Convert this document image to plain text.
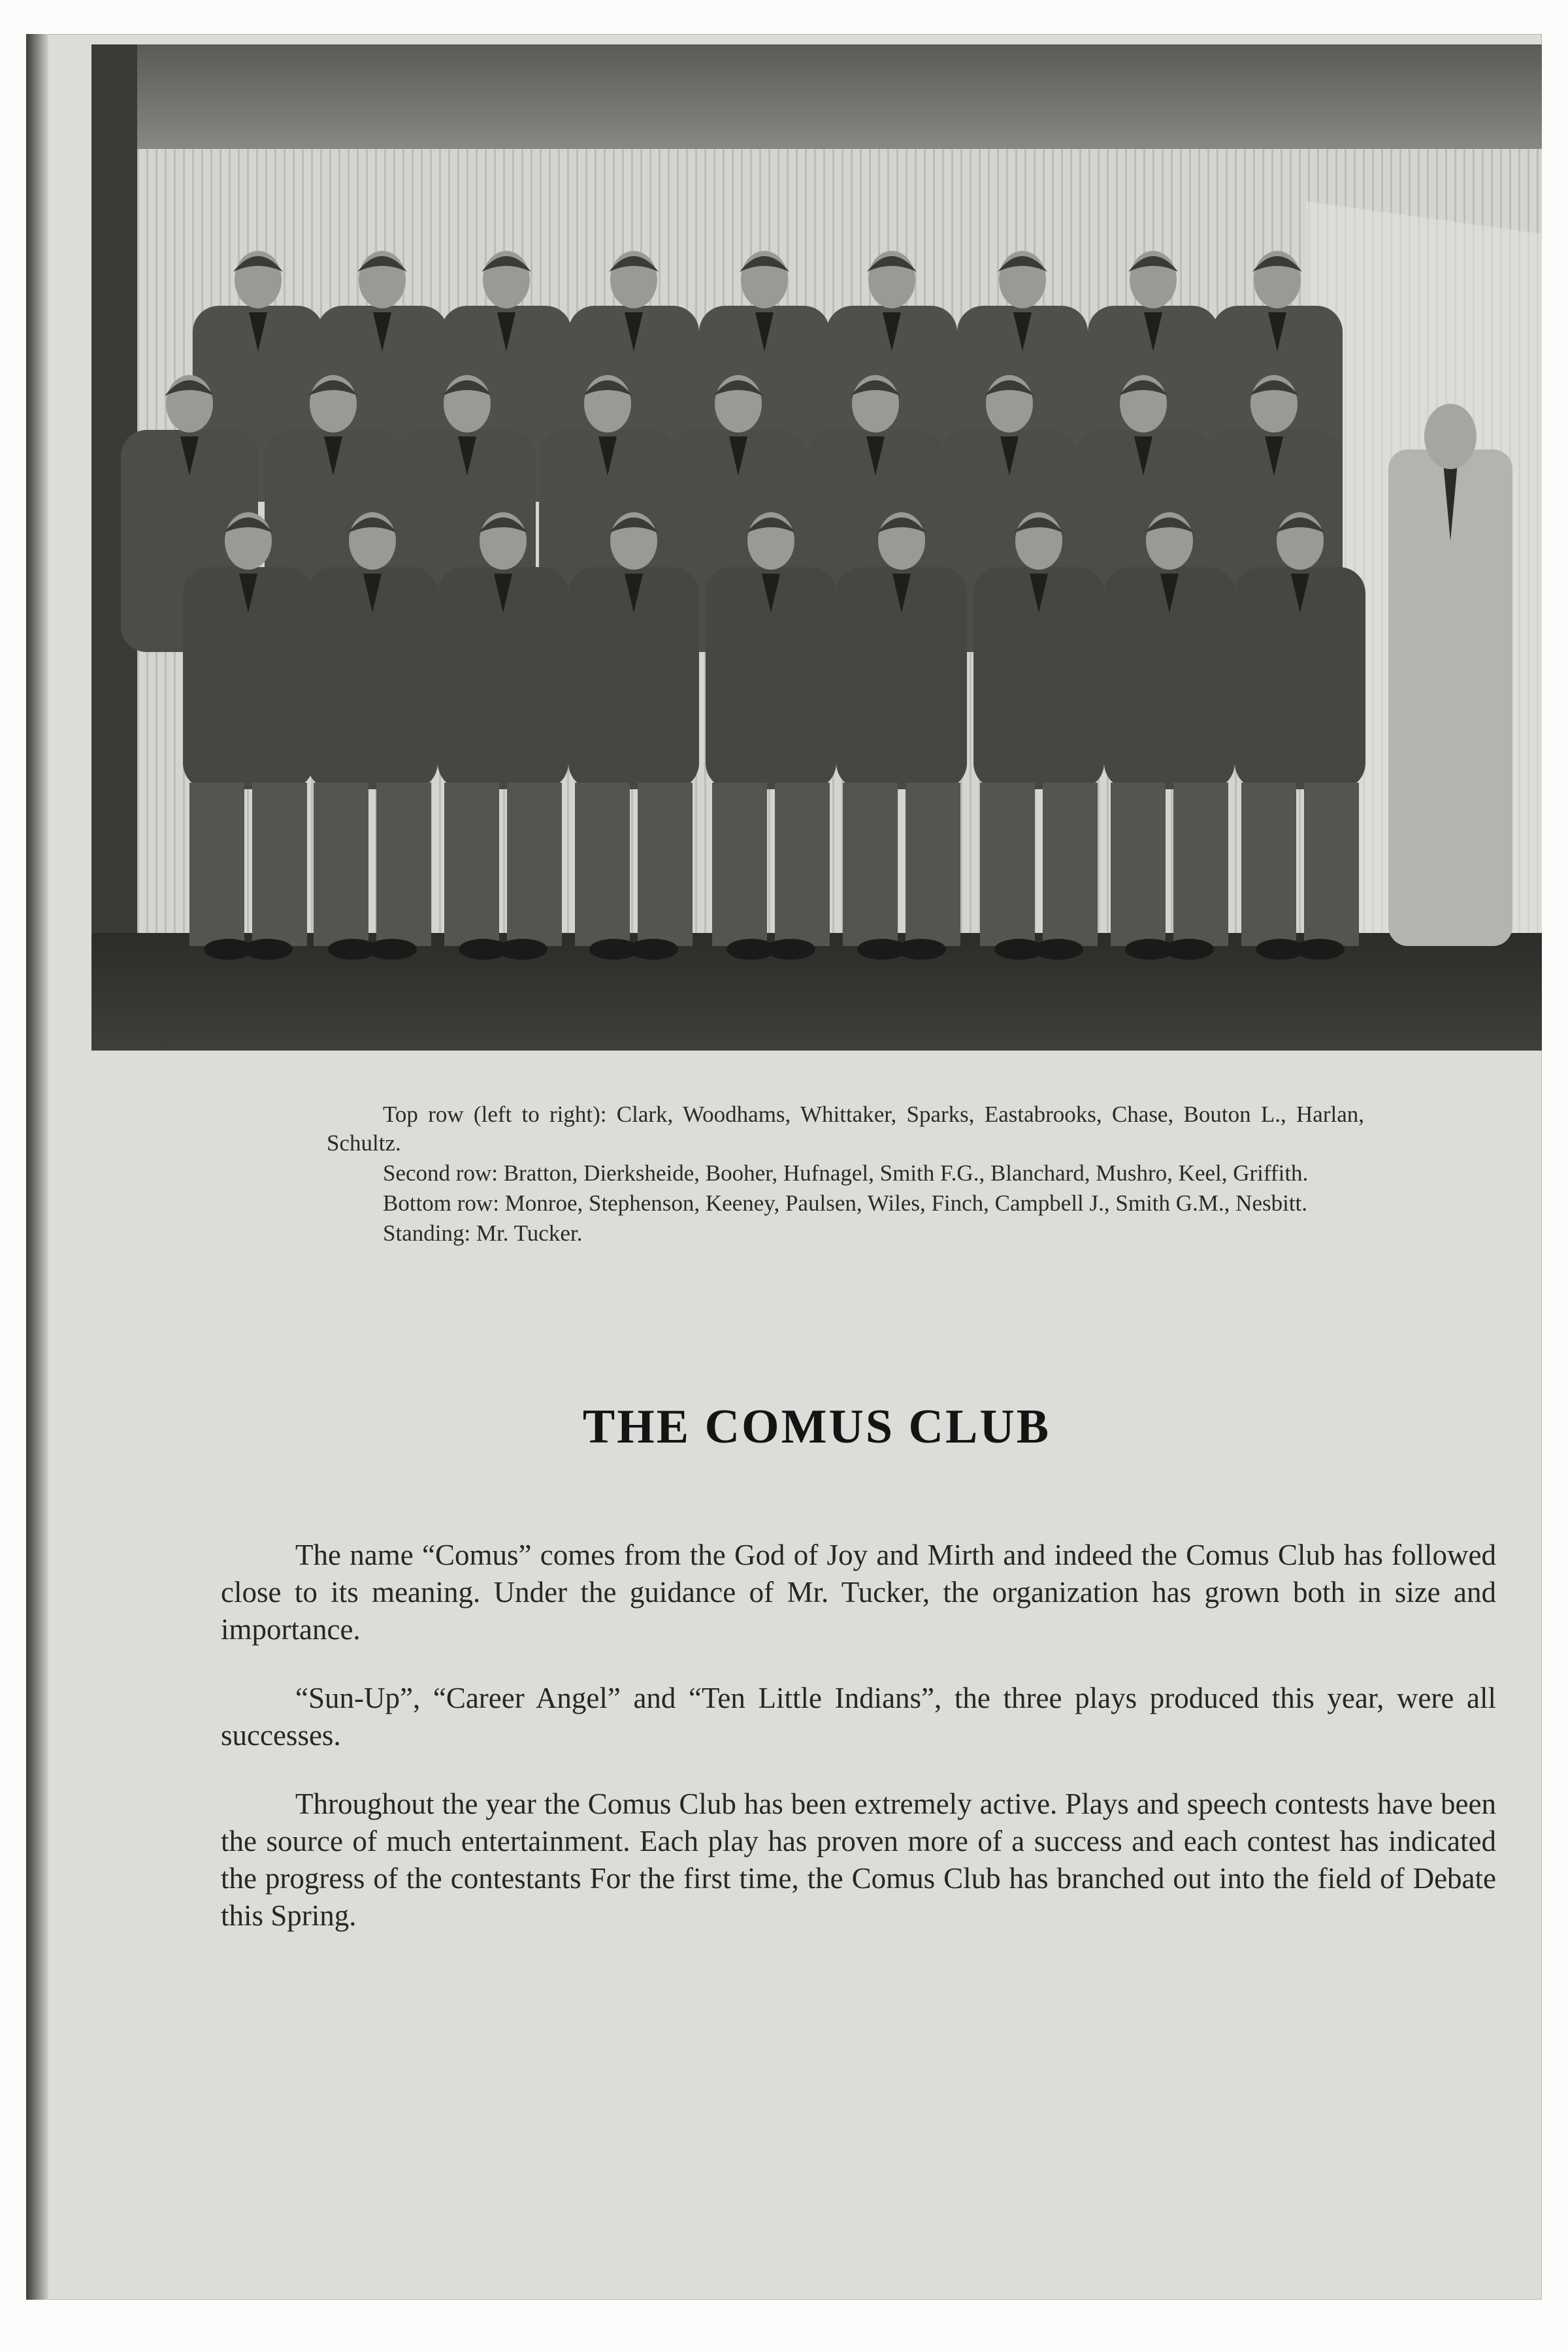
Top row (left to right): Clark, Woodhams, Whittaker, Sparks, Eastabrooks, Chase, Bouton L., Harlan, Schultz.

Second row: Bratton, Dierksheide, Booher, Hufnagel, Smith F.G., Blanchard, Mushro, Keel, Griffith.

Bottom row: Monroe, Stephenson, Keeney, Paulsen, Wiles, Finch, Campbell J., Smith G.M., Nesbitt.

Standing: Mr. Tucker.

THE COMUS CLUB

The name “Comus” comes from the God of Joy and Mirth and indeed the Comus Club has followed close to its meaning. Under the guidance of Mr. Tucker, the organization has grown both in size and importance.

“Sun-Up”, “Career Angel” and “Ten Little Indians”, the three plays produced this year, were all successes.

Throughout the year the Comus Club has been extremely active. Plays and speech contests have been the source of much entertainment. Each play has proven more of a success and each contest has indicated the progress of the contestants For the first time, the Comus Club has branched out into the field of Debate this Spring.
